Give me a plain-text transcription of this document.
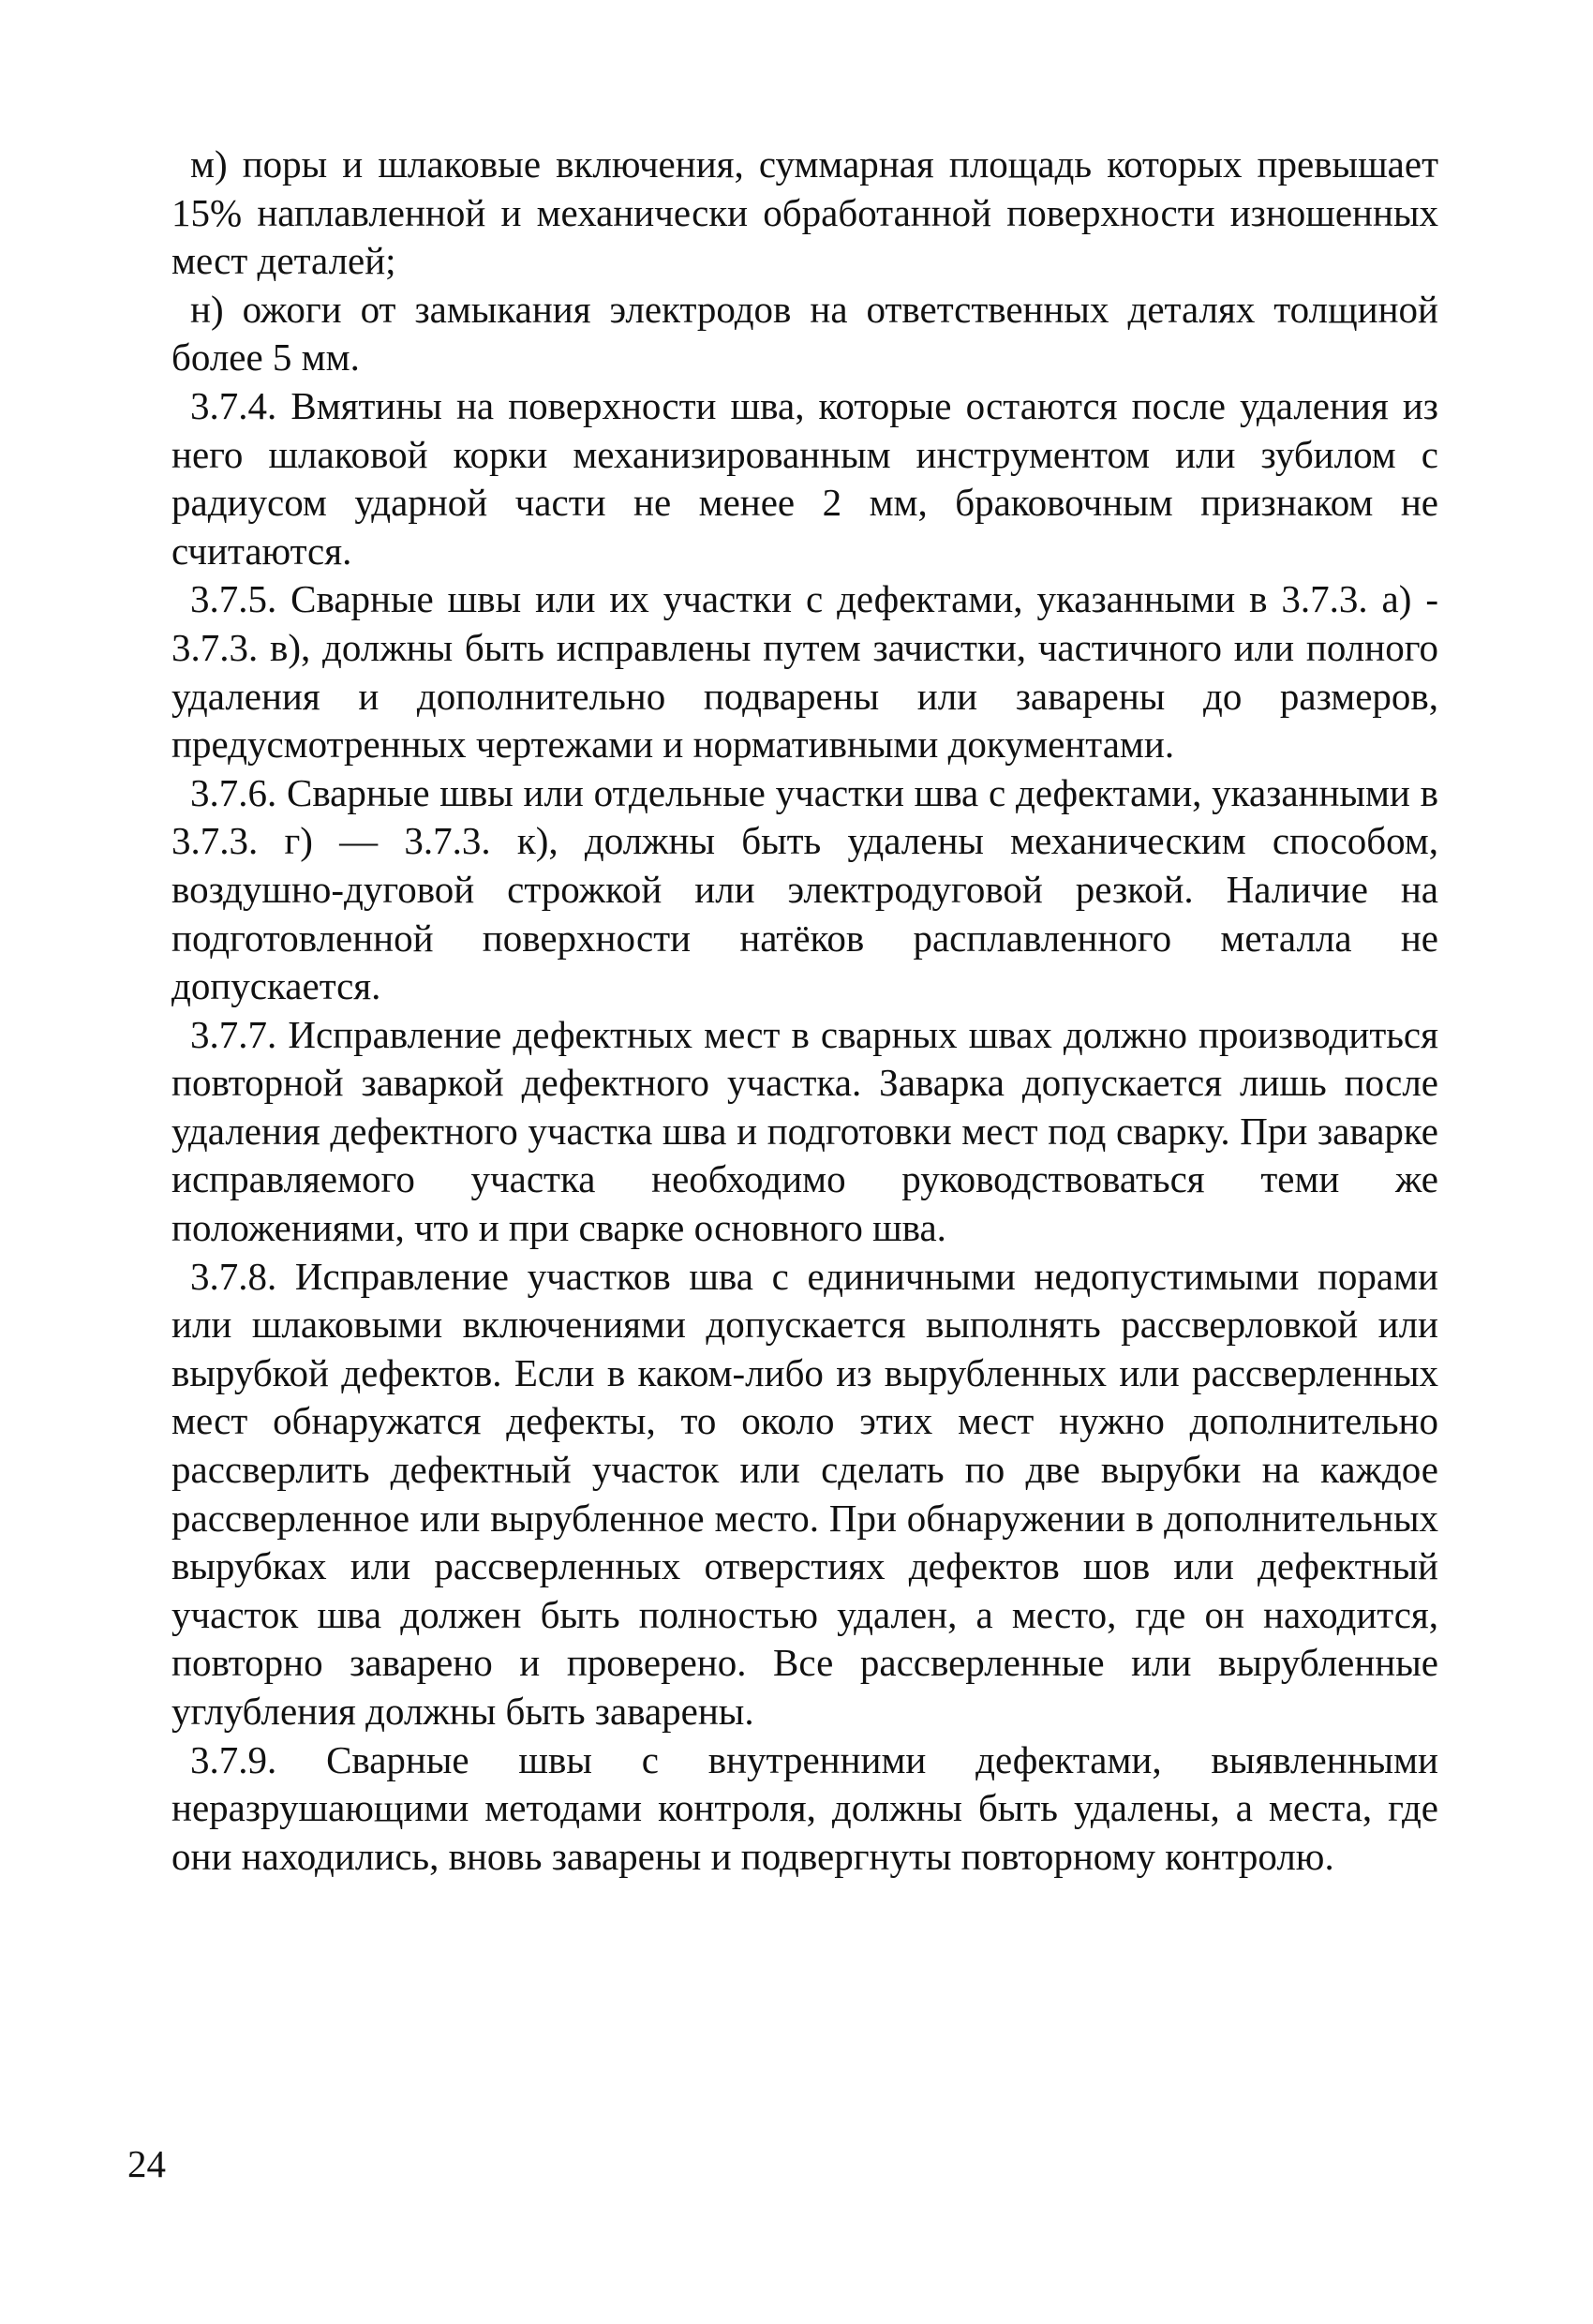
м) поры и шлаковые включения, суммарная площадь которых превышает 15% наплавленной и механически обработанной поверхности изношенных мест деталей;

н) ожоги от замыкания электродов на ответственных деталях толщиной более 5 мм.

3.7.4. Вмятины на поверхности шва, которые остаются после удаления из него шлаковой корки механизированным инструментом или зубилом с радиусом ударной части не менее 2 мм, браковочным признаком не считаются.

3.7.5. Сварные швы или их участки с дефектами, указанными в 3.7.3. а) - 3.7.3. в), должны быть исправлены путем зачистки, частичного или полного удаления и дополнительно подварены или заварены до размеров, предусмотренных чертежами и нормативными документами.

3.7.6. Сварные швы или отдельные участки шва с дефектами, указанными в 3.7.3. г) — 3.7.3. к), должны быть удалены механическим способом, воздушно-дуговой строжкой или электродуговой резкой. Наличие на подготовленной поверхности натёков расплавленного металла не допускается.

3.7.7. Исправление дефектных мест в сварных швах должно производиться повторной заваркой дефектного участка. Заварка допускается лишь после удаления дефектного участка шва и подготовки мест под сварку. При заварке исправляемого участка необходимо руководствоваться теми же положениями, что и при сварке основного шва.

3.7.8. Исправление участков шва с единичными недопустимыми порами или шлаковыми включениями допускается выполнять рассверловкой или вырубкой дефектов. Если в каком-либо из вырубленных или рассверленных мест обнаружатся дефекты, то около этих мест нужно дополнительно рассверлить дефектный участок или сделать по две вырубки на каждое рассверленное или вырубленное место. При обнаружении в дополнительных вырубках или рассверленных отверстиях дефектов шов или дефектный участок шва должен быть полностью удален, а место, где он находится, повторно заварено и проверено. Все рассверленные или вырубленные углубления должны быть заварены.

3.7.9. Сварные швы с внутренними дефектами, выявленными неразрушающими методами контроля, должны быть удалены, а места, где они находились, вновь заварены и подвергнуты повторному контролю.

24
